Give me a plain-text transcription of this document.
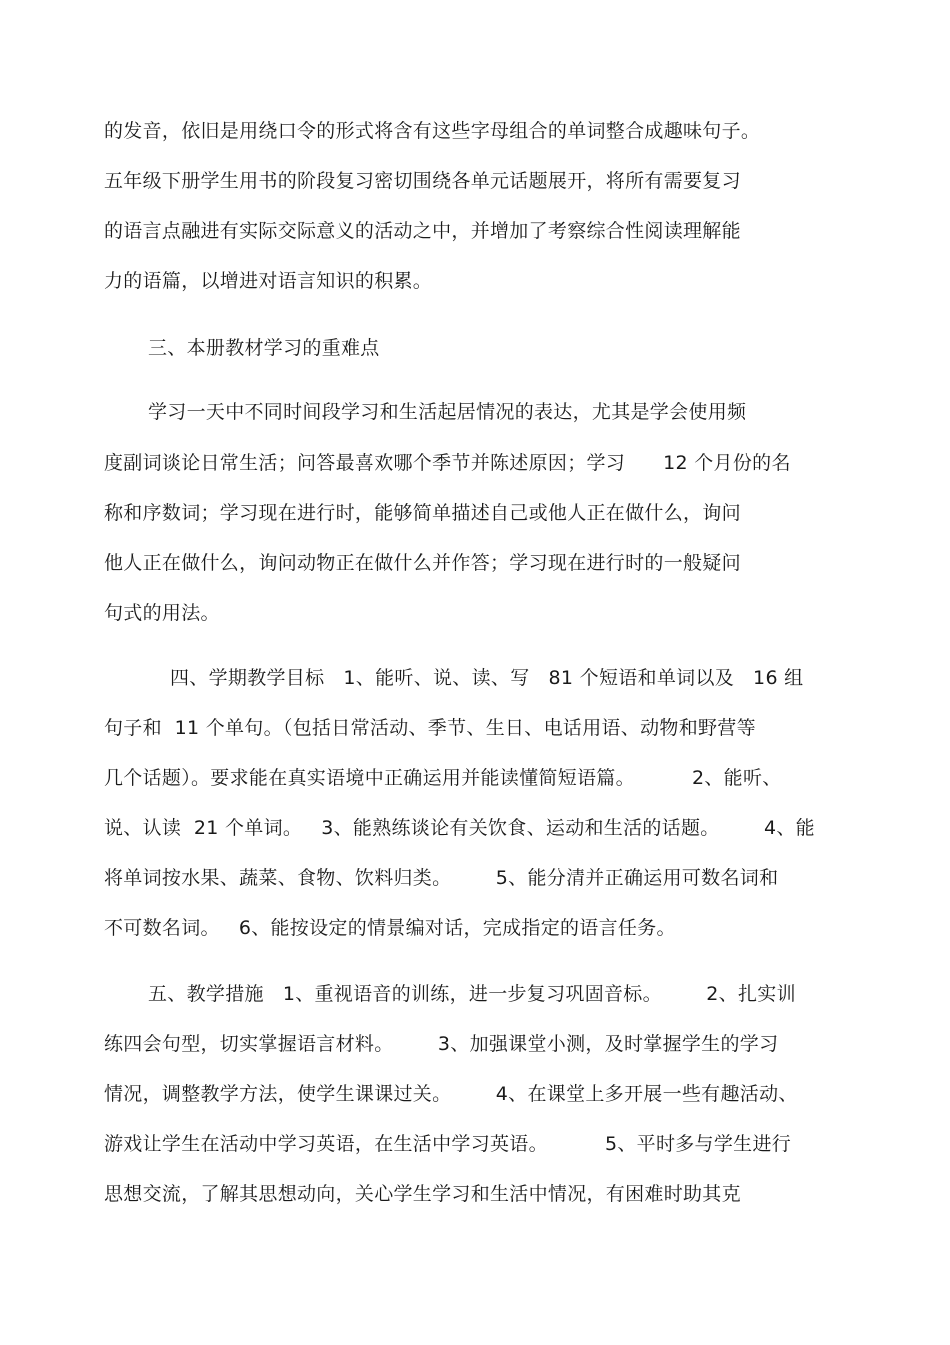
的发音，依旧是用绕口令的形式将含有这些字母组合的单词整合成趣味句子。
五年级下册学生用书的阶段复习密切围绕各单元话题展开，将所有需要复习
的语言点融进有实际交际意义的活动之中，并增加了考察综合性阅读理解能
力的语篇，以增进对语言知识的积累。
三、本册教材学习的重难点
学习一天中不同时间段学习和生活起居情况的表达，尤其是学会使用频
度副词谈论日常生活；问答最喜欢哪个季节并陈述原因；学习      12 个月份的名
称和序数词；学习现在进行时，能够简单描述自己或他人正在做什么，询问
他人正在做什么，询问动物正在做什么并作答；学习现在进行时的一般疑问
句式的用法。
四、学期教学目标   1、能听、说、读、写   81 个短语和单词以及   16 组
句子和  11 个单句。（包括日常活动、季节、生日、电话用语、动物和野营等
几个话题）。要求能在真实语境中正确运用并能读懂简短语篇。         2、能听、
说、认读  21 个单词。   3、能熟练谈论有关饮食、运动和生活的话题。       4、能
将单词按水果、蔬菜、食物、饮料归类。       5、能分清并正确运用可数名词和
不可数名词。   6、能按设定的情景编对话，完成指定的语言任务。
五、教学措施   1、重视语音的训练，进一步复习巩固音标。       2、扎实训
练四会句型，切实掌握语言材料。       3、加强课堂小测，及时掌握学生的学习
情况，调整教学方法，使学生课课过关。       4、在课堂上多开展一些有趣活动、
游戏让学生在活动中学习英语，在生活中学习英语。         5、平时多与学生进行
思想交流，了解其思想动向，关心学生学习和生活中情况，有困难时助其克
